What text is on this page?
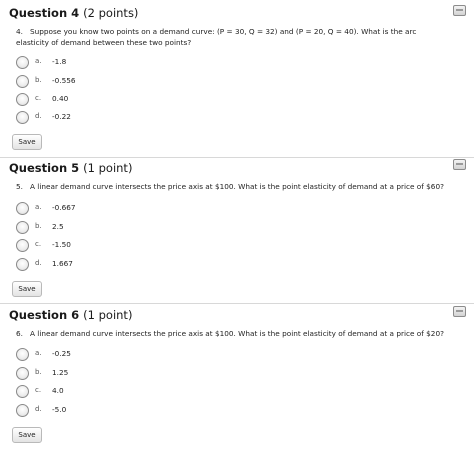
Question 4 (2 points)
4. Suppose you know two points on a demand curve: (P = 30, Q = 32) and (P = 20, Q = 40). What is the arc elasticity of demand between these two points?
a. -1.8
b. -0.556
c. 0.40
d. -0.22
Save
Question 5 (1 point)
5. A linear demand curve intersects the price axis at $100. What is the point elasticity of demand at a price of $60?
a. -0.667
b. 2.5
c. -1.50
d. 1.667
Save
Question 6 (1 point)
6. A linear demand curve intersects the price axis at $100. What is the point elasticity of demand at a price of $20?
a. -0.25
b. 1.25
c. 4.0
d. -5.0
Save
